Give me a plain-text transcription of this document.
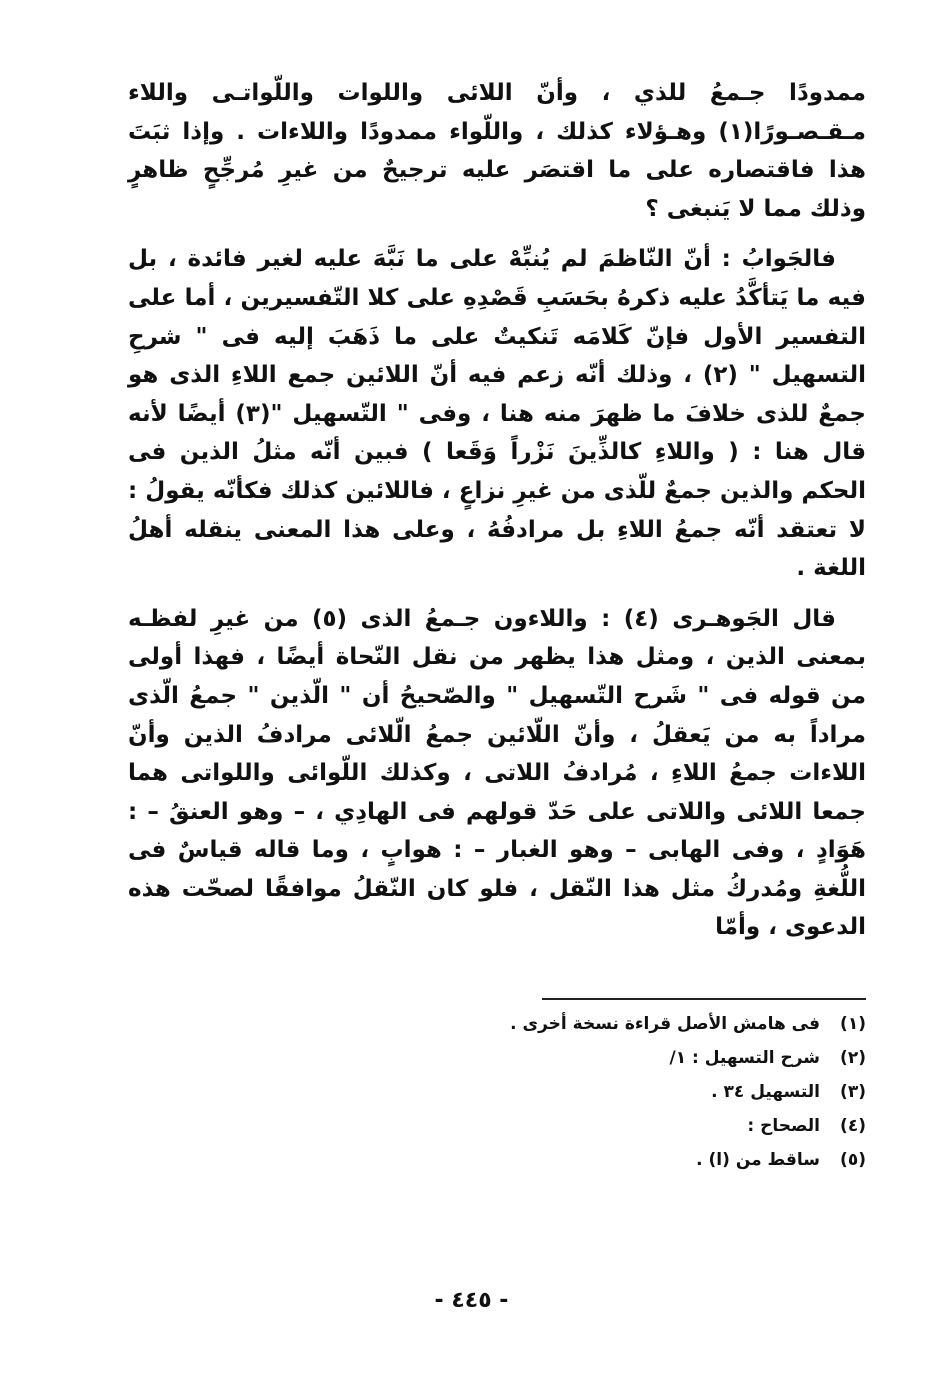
ممدودًا جـمعُ للذي ، وأنّ اللائى واللوات واللّواتـى واللاء مـقـصـورًا(١) وهـؤلاء كذلك ، واللّواء ممدودًا واللاءات . وإذا ثبَتَ هذا فاقتصاره على ما اقتصَر عليه ترجيحٌ من غيرِ مُرجِّحٍ ظاهرٍ وذلك مما لا يَنبغى ؟

فالجَوابُ : أنّ النّاظمَ لم يُنبِّهْ على ما نَبَّهَ عليه لغير فائدة ، بل فيه ما يَتأكَّدُ عليه ذكرهُ بحَسَبِ قَصْدِهِ على كلا التّفسيرين ، أما على التفسير الأول فإنّ كَلامَه تَنكيتٌ على ما ذَهَبَ إليه فى " شرحِ التسهيل " (٢) ، وذلك أنّه زعم فيه أنّ اللائين جمع اللاءِ الذى هو جمعٌ للذى خلافَ ما ظهرَ منه هنا ، وفى " التّسهيل "(٣) أيضًا لأنه قال هنا : ( واللاءِ كالذِّينَ نَزْراً وَقَعا ) فبين أنّه مثلُ الذين فى الحكم والذين جمعٌ للّذى من غيرِ نزاعٍ ، فاللائين كذلك فكأنّه يقولُ : لا تعتقد أنّه جمعُ اللاءِ بل مرادفُهُ ، وعلى هذا المعنى ينقله أهلُ اللغة .

قال الجَوهـرى (٤) : واللاءون جـمعُ الذى (٥) من غيرِ لفظـه بمعنى الذين ، ومثل هذا يظهر من نقل النّحاة أيضًا ، فهذا أولى من قوله فى " شَرح التّسهيل " والصّحيحُ أن " الّذين " جمعُ الّذى مراداً به من يَعقلُ ، وأنّ اللّائين جمعُ الّلائى مرادفُ الذين وأنّ اللاءات جمعُ اللاءِ ، مُرادفُ اللاتى ، وكذلك اللّوائى واللواتى هما جمعا اللائى واللاتى على حَدّ قولهم فى الهادِي ، – وهو العنقُ – : هَوَادٍ ، وفى الهابى – وهو الغبار – : هوابٍ ، وما قاله قياسٌ فى اللُّغةِ ومُدركُ مثل هذا النّقل ، فلو كان النّقلُ موافقًا لصحّت هذه الدعوى ، وأمّا

(١)
فى هامش الأصل قراءة نسخة أخرى .
(٢)
شرح التسهيل : ١/
(٣)
التسهيل ٣٤ .
(٤)
الصحاح :
(٥)
ساقط من (ا) .
- ٤٤٥ -
